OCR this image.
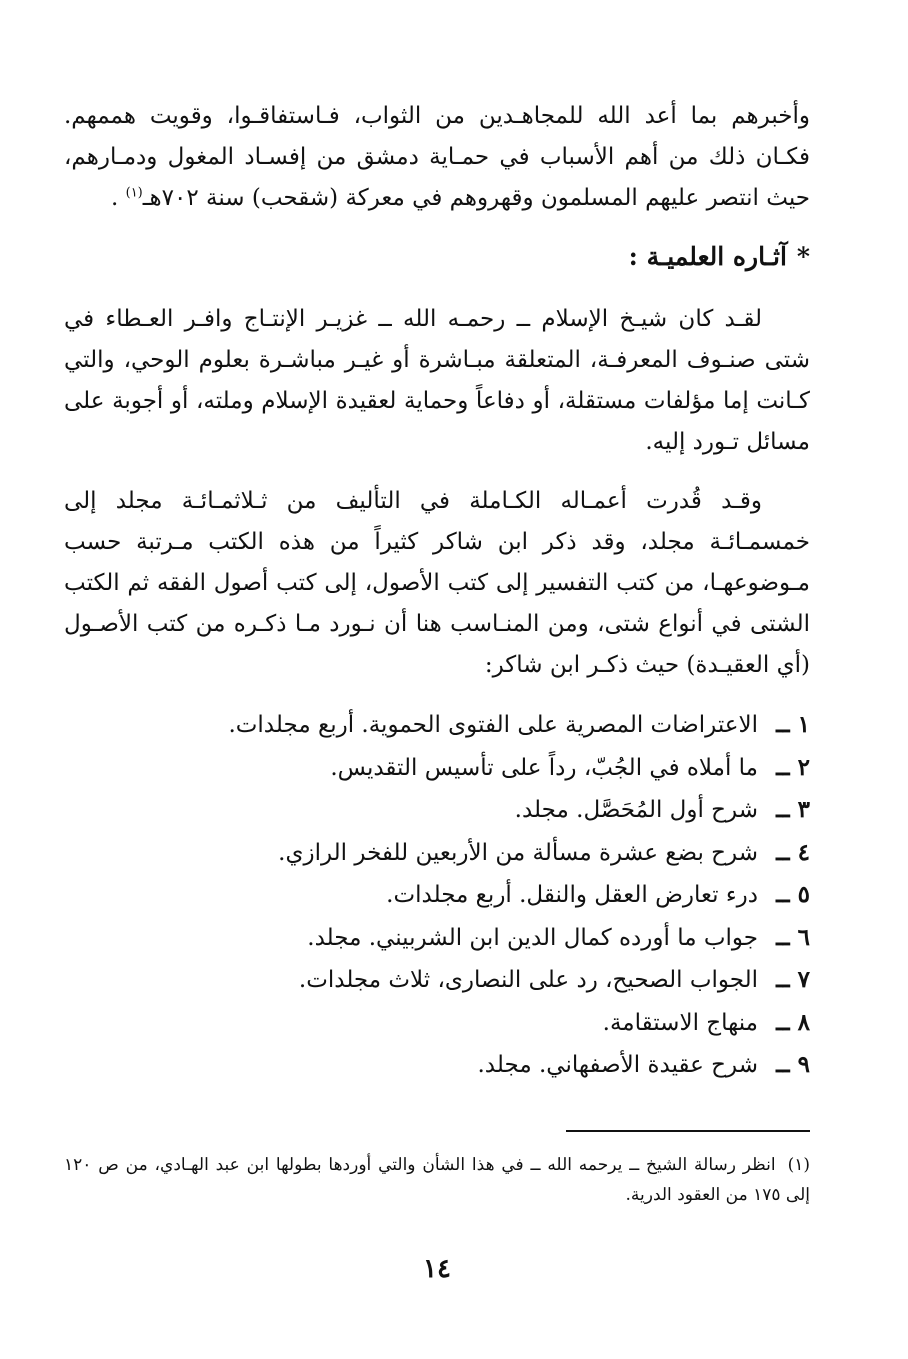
وأخبرهم بما أعد الله للمجاهـدين من الثواب، فـاستفاقـوا، وقويت هممهم. فكـان ذلك من أهم الأسباب في حمـاية دمشق من إفسـاد المغول ودمـارهم، حيث انتصر عليهم المسلمون وقهروهم في معركة (شقحب) سنة ٧٠٢هـ$^{(١)}$ .

*آثـاره العلميـة :

لقـد كان شيـخ الإسلام ــ رحمـه الله ــ غزيـر الإنتـاج وافـر العـطاء في شتى صنـوف المعرفـة، المتعلقة مبـاشرة أو غيـر مباشـرة بعلوم الوحي، والتي كـانت إما مؤلفات مستقلة، أو دفاعاً وحماية لعقيدة الإسلام وملته، أو أجوبة على مسائل تـورد إليه.

وقـد قُدرت أعمـاله الكـاملة في التأليف من ثـلاثمـائـة مجلد إلى خمسمـائـة مجلد، وقد ذكر ابن شاكر كثيراً من هذه الكتب مـرتبة حسب مـوضوعهـا، من كتب التفسير إلى كتب الأصول، إلى كتب أصول الفقه ثم الكتب الشتى في أنواع شتى، ومن المنـاسب هنا أن نـورد مـا ذكـره من كتب الأصـول (أي العقيـدة) حيث ذكـر ابن شاكر:

١ ــ
الاعتراضات المصرية على الفتوى الحموية. أربع مجلدات.
٢ ــ
ما أملاه في الجُبّ، رداً على تأسيس التقديس.
٣ ــ
شرح أول المُحَصَّل. مجلد.
٤ ــ
شرح بضع عشرة مسألة من الأربعين للفخر الرازي.
٥ ــ
درء تعارض العقل والنقل. أربع مجلدات.
٦ ــ
جواب ما أورده كمال الدين ابن الشربيني. مجلد.
٧ ــ
الجواب الصحيح، رد على النصارى، ثلاث مجلدات.
٨ ــ
منهاج الاستقامة.
٩ ــ
شرح عقيدة الأصفهاني. مجلد.

(١)انظر رسالة الشيخ ــ يرحمه الله ــ في هذا الشأن والتي أوردها بطولها ابن عبد الهـادي، من ص ١٢٠ إلى ١٧٥ من العقود الدرية.

١٤
